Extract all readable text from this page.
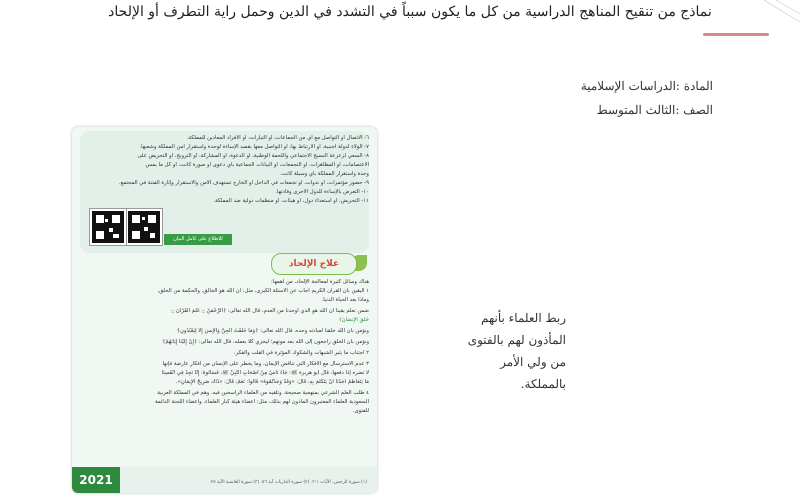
نماذج من تنقيح المناهج الدراسية من كل ما يكون سبباً في التشدد في الدين وحمل راية التطرف أو الإلحاد
المادة :الدراسات الإسلامية
الصف :الثالث المتوسط
٦- الاتصال أو التواصل مع أي من الجماعات، أو التيارات، أو الأفراد المعادين للمملكة.
٧- الولاء لدولة أجنبية، أو الارتباط بها، أو التواصل معها بقصد الإساءة لوحدة واستقرار أمن المملكة وشعبها.
٨- السعي لزعزعة النسيج الاجتماعي واللحمة الوطنية، أو الدعوة، أو المشاركة، أو الترويج، أو التحريض على
الاعتصامات، أو المظاهرات، أو التجمعات، أو البيانات الجماعية بأي دعوى أو صورة كانت، أو كل ما يمس
وحدة واستقرار المملكة بأي وسيلة كانت.
٩- حضور مؤتمرات، أو ندوات، أو تجمعات في الداخل أو الخارج تستهدف الأمن والاستقرار وإثارة الفتنة في المجتمع.
١٠- التعرض بالإساءة للدول الأخرى وقادتها.
١١- التحريض، أو استعداء دول، أو هيئات، أو منظمات دولية ضد المملكة.
للاطلاع على كامل البيان
علاج الإلحاد
هناك وسائل كثيرة لمعالجة الإلحاد، من أهمها:
١ اليقين بأن القرآن الكريم أجاب عن الأسئلة الكبرى، مثل: أن الله هو الخالق، والحكمة من الخلق،
وماذا بعد الحياة الدنيا.
ضمن نعلم يقيناً أن الله هو الذي أوجدنا من العدم، قال الله تعالى: ﴿الرَّحْمَنُ ۝ عَلَّمَ الْقُرْآنَ ۝
خَلَقَ الْإِنسَانَ﴾
ونؤمن بأن الله خلقنا لعبادته وحده، قال الله تعالى: ﴿وَمَا خَلَقْتُ الْجِنَّ وَالْإِنسَ إِلَّا لِيَعْبُدُونِ﴾
ونؤمن بأن الخلق راجعون إلى الله بعد موتهم؛ ليجزي كلاً بعمله، قال الله تعالى: ﴿إِنَّ إِلَيْنَا إِيَابَهُمْ﴾
٢ اجتناب ما يثير الشبهات والشكوك المؤثرة في القلب والفكر.
٣ عدم الاسترسال مع الأفكار التي تناقض الإيمان، وما يخطر على الإنسان من أفكار عارضة فإنها
لا تضره إذا دفعها، قال أبو هريرة ﷺ: جَاءَ نَاسٌ مِنْ أَصْحَابِ النَّبِيِّ ﷺ، فَسَأَلُوهُ: إِنَّا نَجِدُ فِي أَنْفُسِنَا
مَا يَتَعَاظَمُ أَحَدُنَا أَنْ يَتَكَلَّمَ بِهِ، قَالَ: «وَقَدْ وَجَدْتُمُوهُ» قَالُوا: نَعَمْ، قَالَ: «ذَاكَ صَرِيحُ الْإِيمَانِ».
٤ طلب العلم الشرعي بمنهجية صحيحة، وتلقيه من العلماء الراسخين فيه، وهم في المملكة العربية
السعودية العلماء المعتبرون المأذون لهم بذلك، مثل: أعضاء هيئة كبار العلماء، وأعضاء اللجنة الدائمة
للفتوى.
(١) سورة الرحمن، الآيات ١-٣. (٢) سورة الذاريات آية ٥٦. (٣) سورة الغاشية الآية ٢٥.
2021
ربط العلماء بأنهم المأذون لهم بالفتوى من ولي الأمر بالمملكة.
